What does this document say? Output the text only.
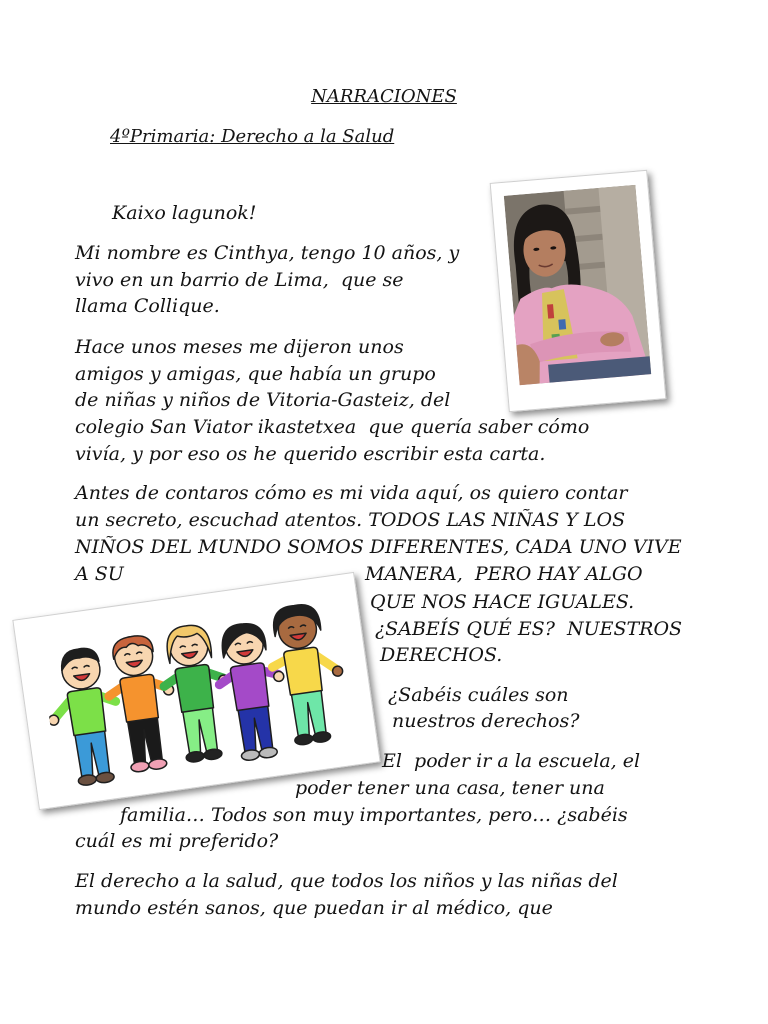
NARRACIONES
4ºPrimaria: Derecho a la Salud
Kaixo lagunok!
Mi nombre es Cinthya, tengo 10 años, y
vivo en un barrio de Lima,  que se
llama Collique.
Hace unos meses me dijeron unos
amigos y amigas, que había un grupo
de niñas y niños de Vitoria-Gasteiz, del
colegio San Viator ikastetxea  que quería saber cómo
vivía, y por eso os he querido escribir esta carta.
Antes de contaros cómo es mi vida aquí, os quiero contar
un secreto, escuchad atentos. TODOS LAS NIÑAS Y LOS
NIÑOS DEL MUNDO SOMOS DIFERENTES, CADA UNO VIVE
A SU	MANERA,  PERO HAY ALGO
QUE NOS HACE IGUALES.
¿SABEÍS QUÉ ES?  NUESTROS
DERECHOS.
¿Sabéis cuáles son
nuestros derechos?
El  poder ir a la escuela, el
poder tener una casa, tener una
familia… Todos son muy importantes, pero… ¿sabéis
cuál es mi preferido?
El derecho a la salud, que todos los niños y las niñas del
mundo estén sanos, que puedan ir al médico, que
